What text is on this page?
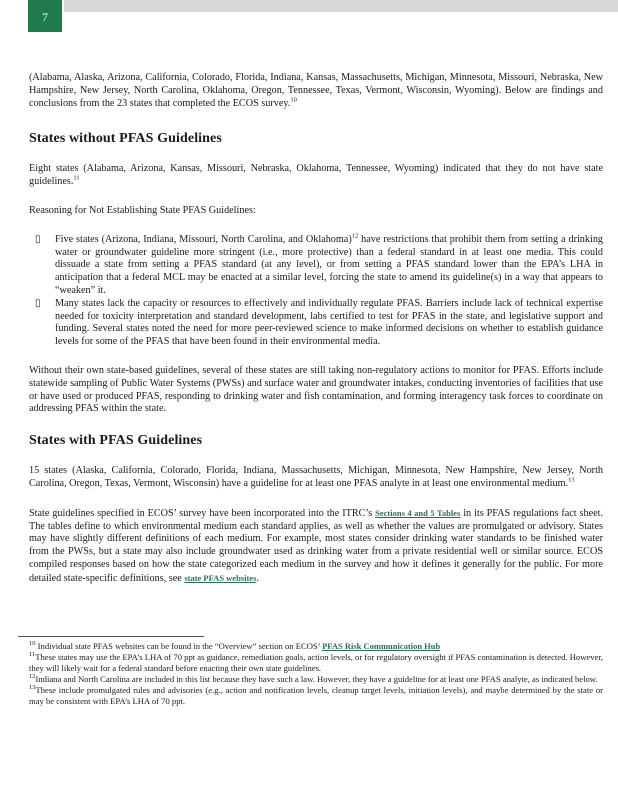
7

(Alabama, Alaska, Arizona, California, Colorado, Florida, Indiana, Kansas, Massachusetts, Michigan, Minnesota, Missouri, Nebraska, New Hampshire, New Jersey, North Carolina, Oklahoma, Oregon, Tennessee, Texas, Vermont, Wisconsin, Wyoming). Below are findings and conclusions from the 23 states that completed the ECOS survey.$^{10}$

States without PFAS Guidelines

Eight states (Alabama, Arizona, Kansas, Missouri, Nebraska, Oklahoma, Tennessee, Wyoming) indicated that they do not have state guidelines.$^{11}$

Reasoning for Not Establishing State PFAS Guidelines:

▯ Five states (Arizona, Indiana, Missouri, North Carolina, and Oklahoma)$^{12}$ have restrictions that prohibit them from setting a drinking water or groundwater guideline more stringent (i.e., more protective) than a federal standard in at least one media. This could dissuade a state from setting a PFAS standard (at any level), or from setting a PFAS standard lower than the EPA’s LHA in anticipation that a federal MCL may be enacted at a similar level, forcing the state to amend its guideline(s) in a way that appears to “weaken” it.
▯ Many states lack the capacity or resources to effectively and individually regulate PFAS. Barriers include lack of technical expertise needed for toxicity interpretation and standard development, labs certified to test for PFAS in the state, and legislative support and funding. Several states noted the need for more peer-reviewed science to make informed decisions on whether to establish guidance levels for some of the PFAS that have been found in their environmental media.

Without their own state-based guidelines, several of these states are still taking non-regulatory actions to monitor for PFAS. Efforts include statewide sampling of Public Water Systems (PWSs) and surface water and groundwater intakes, conducting inventories of facilities that use or have used or produced PFAS, responding to drinking water and fish contamination, and forming interagency task forces to coordinate on addressing PFAS within the state.

States with PFAS Guidelines

15 states (Alaska, California, Colorado, Florida, Indiana, Massachusetts, Michigan, Minnesota, New Hampshire, New Jersey, North Carolina, Oregon, Texas, Vermont, Wisconsin) have a guideline for at least one PFAS analyte in at least one environmental medium.$^{13}$

State guidelines specified in ECOS’ survey have been incorporated into the ITRC’s Sections 4 and 5 Tables in its PFAS regulations fact sheet. The tables define to which environmental medium each standard applies, as well as whether the values are promulgated or advisory. States may have slightly different definitions of each medium. For example, most states consider drinking water standards to be finished water from the PWSs, but a state may also include groundwater used as drinking water from a private residential well or similar source. ECOS compiled responses based on how the state categorized each medium in the survey and how it defines it generally for the public. For more detailed state-specific definitions, see state PFAS websites.

$^{10}$ Individual state PFAS websites can be found in the “Overview” section on ECOS’ PFAS Risk Communication Hub

$^{11}$These states may use the EPA’s LHA of 70 ppt as guidance, remediation goals, action levels, or for regulatory oversight if PFAS contamination is detected. However, they will likely wait for a federal standard before enacting their own state guidelines.

$^{12}$Indiana and North Carolina are included in this list because they have such a law. However, they have a guideline for at least one PFAS analyte, as indicated below.

$^{13}$These include promulgated rules and advisories (e.g., action and notification levels, cleanup target levels, initiation levels), and maybe determined by the state or may be consistent with EPA’s LHA of 70 ppt.
